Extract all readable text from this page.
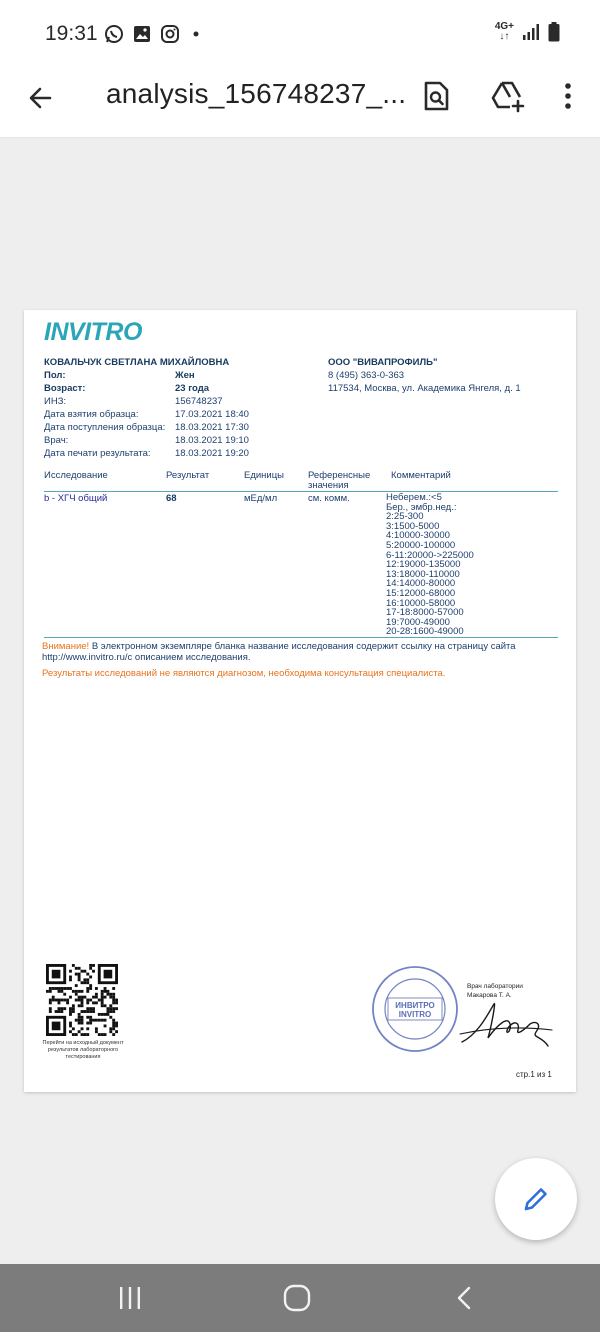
19:31	4G+
↓↑
analysis_156748237_...
INVITRO
КОВАЛЬЧУК СВЕТЛАНА МИХАЙЛОВНА
Пол:	Жен
Возраст:	23 года
ИНЗ:	156748237
Дата взятия образца:	17.03.2021 18:40
Дата поступления образца: 18.03.2021 17:30
Врач:	18.03.2021 19:10
Дата печати результата:	18.03.2021 19:20
ООО "ВИВАПРОФИЛЬ"
8 (495) 363-0-363
117534, Москва, ул. Академика Янгеля, д. 1
Исследование	Результат	Единицы	Референсные
значения
Комментарий
b - ХГЧ общий	68	мЕд/мл	см. комм.	Неберем.:<5
Бер., эмбр.нед.:
2:25-300
3:1500-5000
4:10000-30000
5:20000-100000
6-11:20000->225000
12:19000-135000
13:18000-110000
14:14000-80000
15:12000-68000
16:10000-58000
17-18:8000-57000
19:7000-49000
20-28:1600-49000
Внимание! В электронном экземпляре бланка название исследования содержит ссылку на страницу сайта
http://www.invitro.ru/с описанием исследования.
Результаты исследований не являются диагнозом, необходима консультация специалиста.
Перейти на исходный документ результатов лабораторного тестирования
ИНВИТРО
INVITRO
Врач лаборатории
Макарова Т. А.
стр.1 из 1
